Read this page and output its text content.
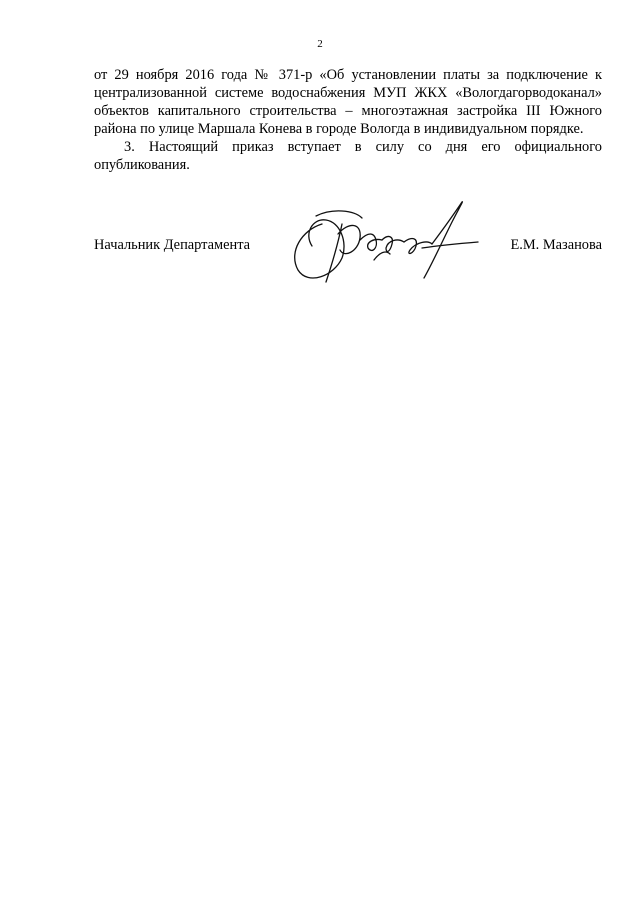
2

от 29 ноября 2016 года № 371-р «Об установлении платы за подключение к централизованной системе водоснабжения МУП ЖКХ «Вологдагорводоканал» объектов капитального строительства – многоэтажная застройка III Южного района по улице Маршала Конева в городе Вологда в индивидуальном порядке.

3. Настоящий приказ вступает в силу со дня его официального опубликования.

Начальник Департамента	Е.М. Мазанова
